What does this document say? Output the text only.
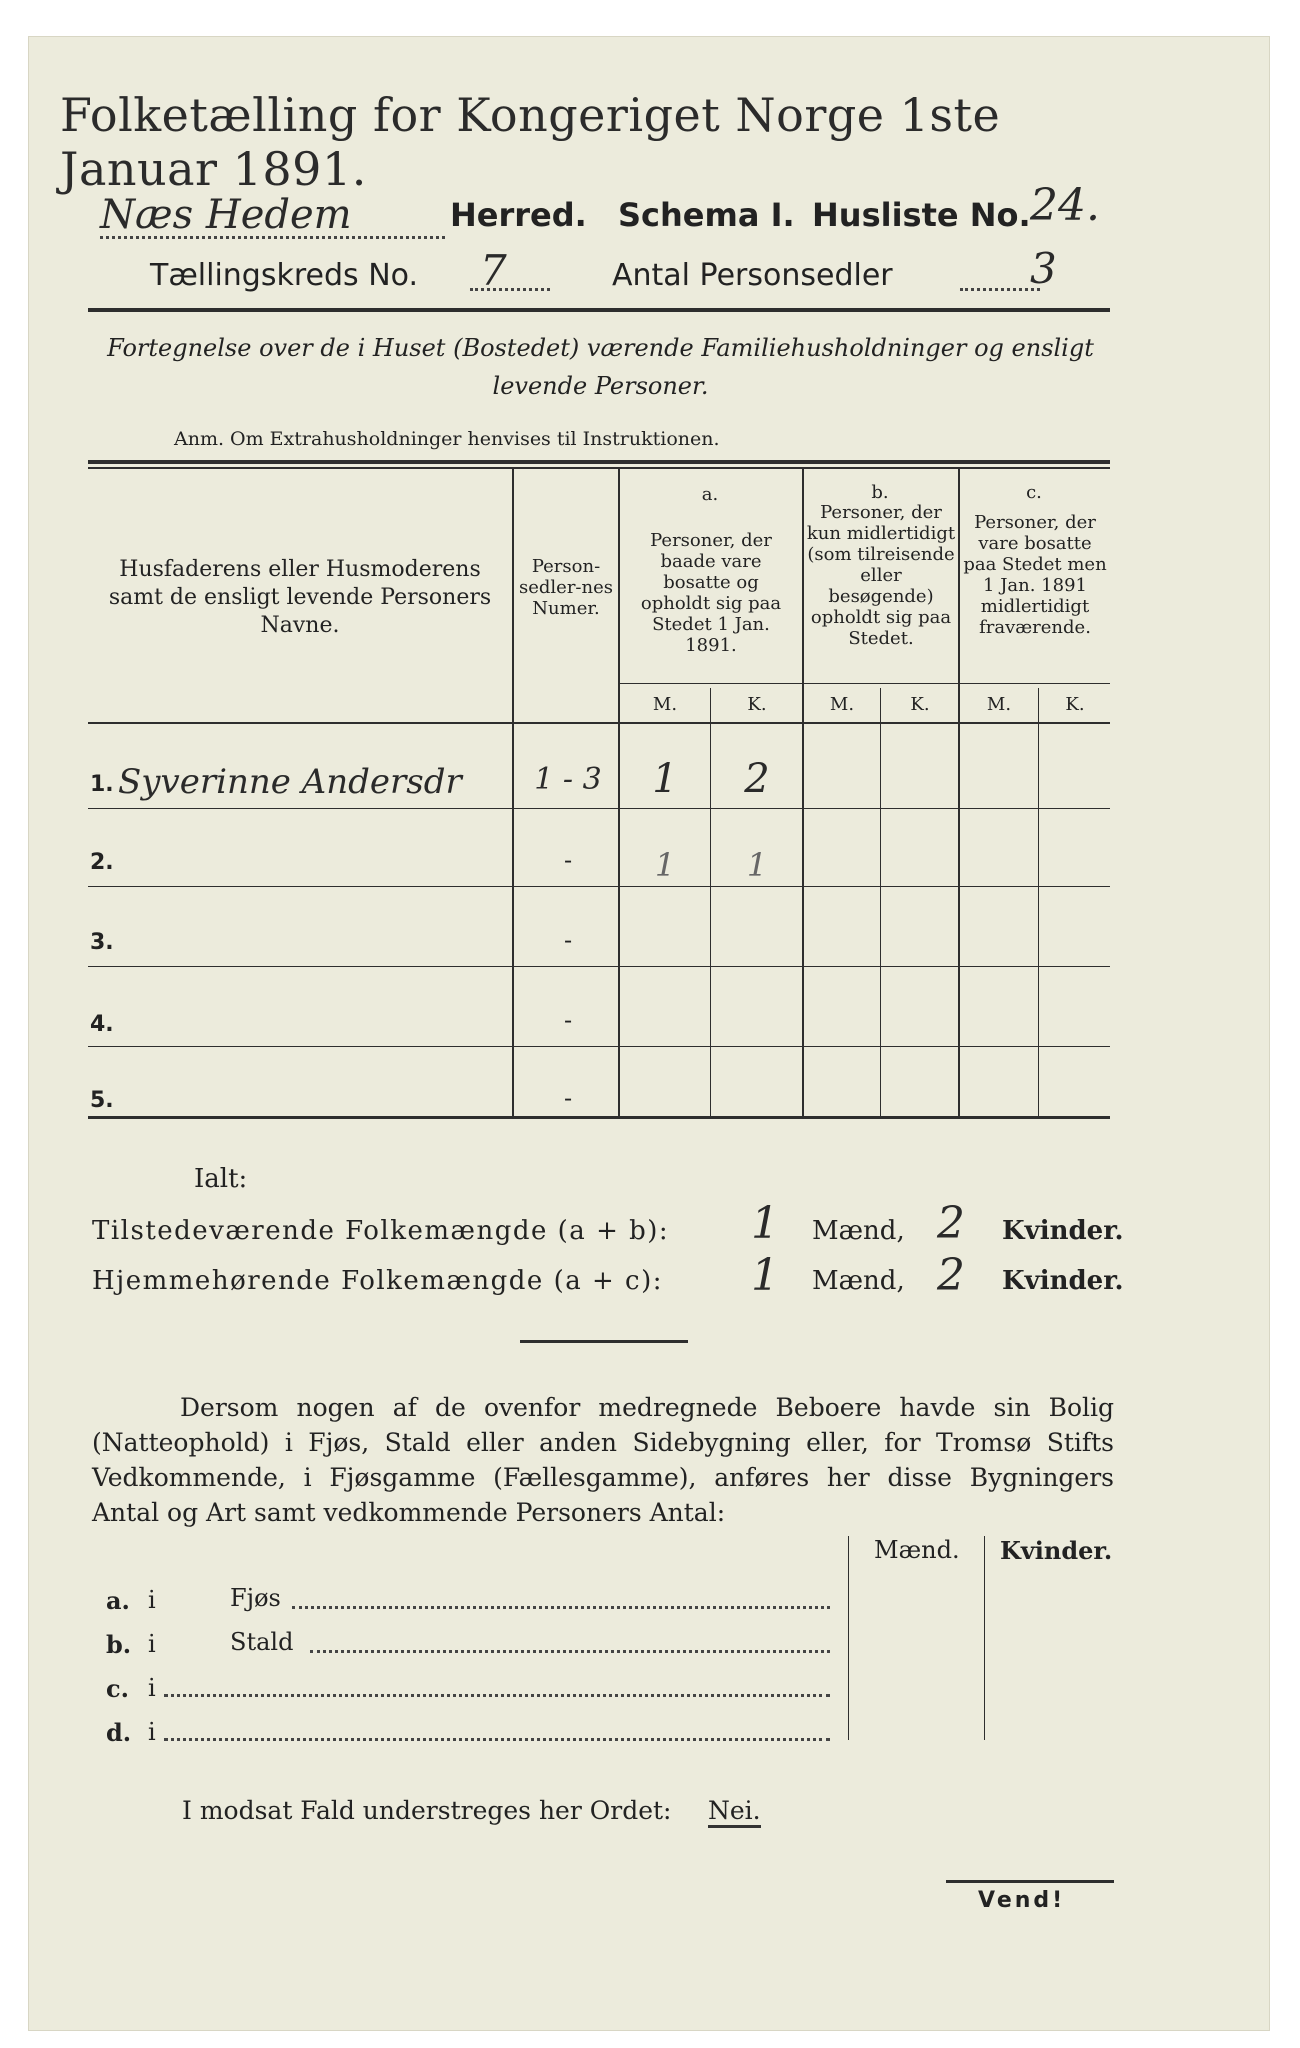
Folketælling for Kongeriget Norge 1ste Januar 1891.
Næs Hedem	Herred. Schema I. Husliste No. 24.
Tællingskreds No. 7	Antal Personsedler	3
Fortegnelse over de i Huset (Bostedet) værende Familiehusholdninger og ensligt
levende Personer.
Anm. Om Extrahusholdninger henvises til Instruktionen.
Husfaderens eller Husmoderens samt de ensligt levende Personers Navne.
Person-sedler-nes Numer.
a.
Personer, der baade vare bosatte og opholdt sig paa Stedet 1 Jan. 1891.
b.
Personer, der kun midlertidigt (som tilreisende eller besøgende) opholdt sig paa Stedet.
c.
Personer, der vare bosatte paa Stedet men 1 Jan. 1891 midlertidigt fraværende.
M.	K.	M.	K.	M.	K.
1. Syverinne Andersdr	1 - 3	1	2
2.	-	1	1
3.	-
4.	-
5.	-
Ialt:
Tilstedeværende Folkemængde (a + b):	1	Mænd, 2	Kvinder.
Hjemmehørende Folkemængde (a + c):	1	Mænd, 2	Kvinder.
Dersom nogen af de ovenfor medregnede Beboere havde sin Bolig (Natteophold) i Fjøs, Stald eller anden Sidebygning eller, for Tromsø Stifts Vedkommende, i Fjøsgamme (Fællesgamme), anføres her disse Bygningers Antal og Art samt vedkommende Personers Antal:
Mænd. Kvinder.
a. i	Fjøs
b. i	Stald
c. i
d. i
I modsat Fald understreges her Ordet: Nei.
Vend!
